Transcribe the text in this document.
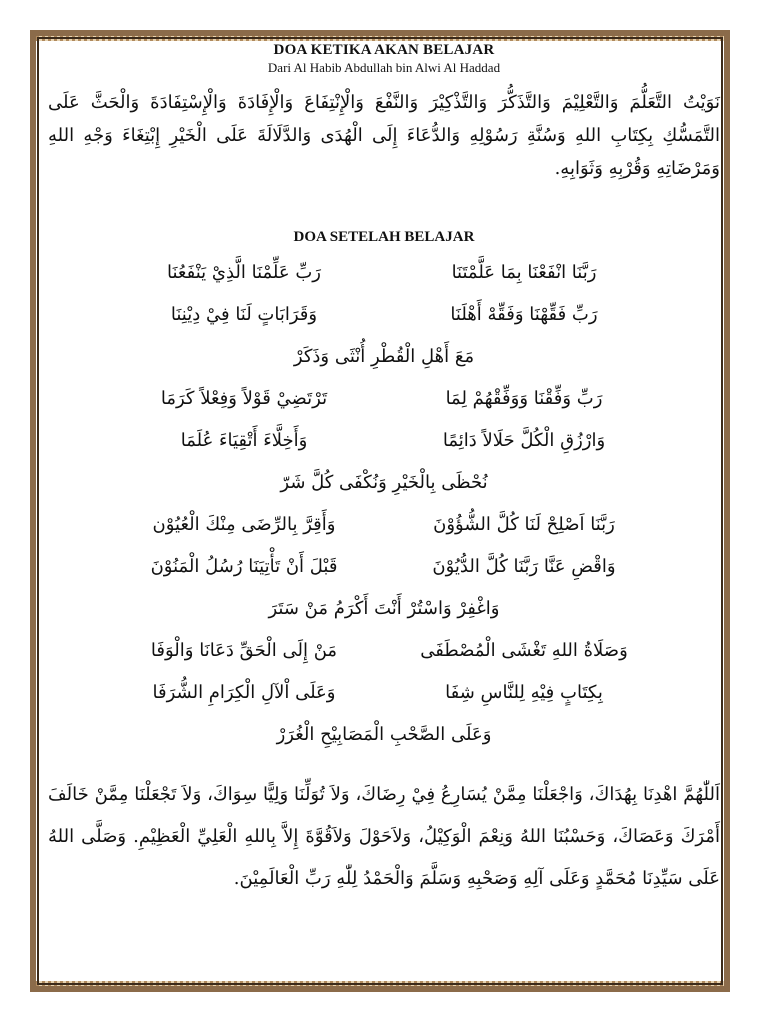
DOA KETIKA AKAN BELAJAR
Dari Al Habib Abdullah bin Alwi Al Haddad
نَوَيْتُ التَّعَلُّمَ وَالتَّعْلِيْمَ وَالتَّذَكُّرَ وَالتَّذْكِيْرَ وَالنَّفْعَ وَالْإِنْتِفَاعَ وَالْإِفَادَةَ وَالْإِسْتِفَادَةَ وَالْحَثَّ عَلَى التَّمَسُّكِ بِكِتَابِ اللهِ وَسُنَّةِ رَسُوْلِهِ وَالدُّعَاءَ إِلَى الْهُدَى وَالدَّلَالَةَ عَلَى الْخَيْرِ إِبْتِغَاءَ وَجْهِ اللهِ وَمَرْضَاتِهِ وَقُرْبِهِ وَثَوَابِهِ.
DOA SETELAH BELAJAR
رَبَّنَا انْفَعْنَا بِمَا عَلَّمْتَنَا
رَبِّ عَلِّمْنَا الَّذِيْ يَنْفَعُنَا
رَبِّ فَقِّهْنَا وَفَقِّهْ أَهْلَنَا
وَقَرَابَاتٍ لَنَا فِيْ دِيْنِنَا
مَعَ أَهْلِ الْقُطْرِ أُنْثَى وَذَكَرْ
رَبِّ وَفِّقْنَا وَوَفِّقْهُمْ لِمَا
تَرْتَضِيْ قَوْلاً وَفِعْلاً كَرَمَا
وَارْزُقِ الْكُلَّ حَلَالاً دَائِمًا
وَأَخِلَّاءَ أَتْقِيَاءَ عُلَمَا
نُحْظَى بِالْخَيْرِ وَنُكْفَى كُلَّ شَرّ
رَبَّنَا اَصْلِحْ لَنَا كُلَّ الشُّؤُوْنَ
وَأَقِرَّ بِالرِّضَى مِنْكَ الْعُيُوْن
وَاقْضِ عَنَّا رَبَّنَا كُلَّ الدُّيُوْنَ
قَبْلَ أَنْ تَأْتِيَنَا رُسُلُ الْمَنُوْنَ
وَاغْفِرْ وَاسْتُرْ أَنْتَ أَكْرَمُ مَنْ سَتَرَ
وَصَلَاةُ اللهِ تَغْشَى الْمُصْطَفَى
مَنْ إِلَى الْحَقِّ دَعَانَا وَالْوَفَا
بِكِتَابٍ فِيْهِ لِلنَّاسِ شِفَا
وَعَلَى اْلآلِ الْكِرَامِ الشُّرَفَا
وَعَلَى الصَّحْبِ الْمَصَابِيْحِ الْغُرَرْ
اَللّٰهُمَّ اهْدِنَا بِهُدَاكَ، وَاجْعَلْنَا مِمَّنْ يُسَارِعُ فِيْ رِضَاكَ، وَلاَ تُوَلِّنَا وَلِيًّا سِوَاكَ، وَلاَ تَجْعَلْنَا مِمَّنْ خَالَفَ أَمْرَكَ وَعَصَاكَ، وَحَسْبُنَا اللهُ وَنِعْمَ الْوَكِيْلُ، وَلاَحَوْلَ وَلاَقُوَّةَ إِلاَّ بِاللهِ الْعَلِيِّ الْعَظِيْمِ. وَصَلَّى اللهُ عَلَى سَيِّدِنَا مُحَمَّدٍ وَعَلَى آلِهِ وَصَحْبِهِ وَسَلَّمَ وَالْحَمْدُ لِلّٰهِ رَبِّ الْعَالَمِيْنَ.
